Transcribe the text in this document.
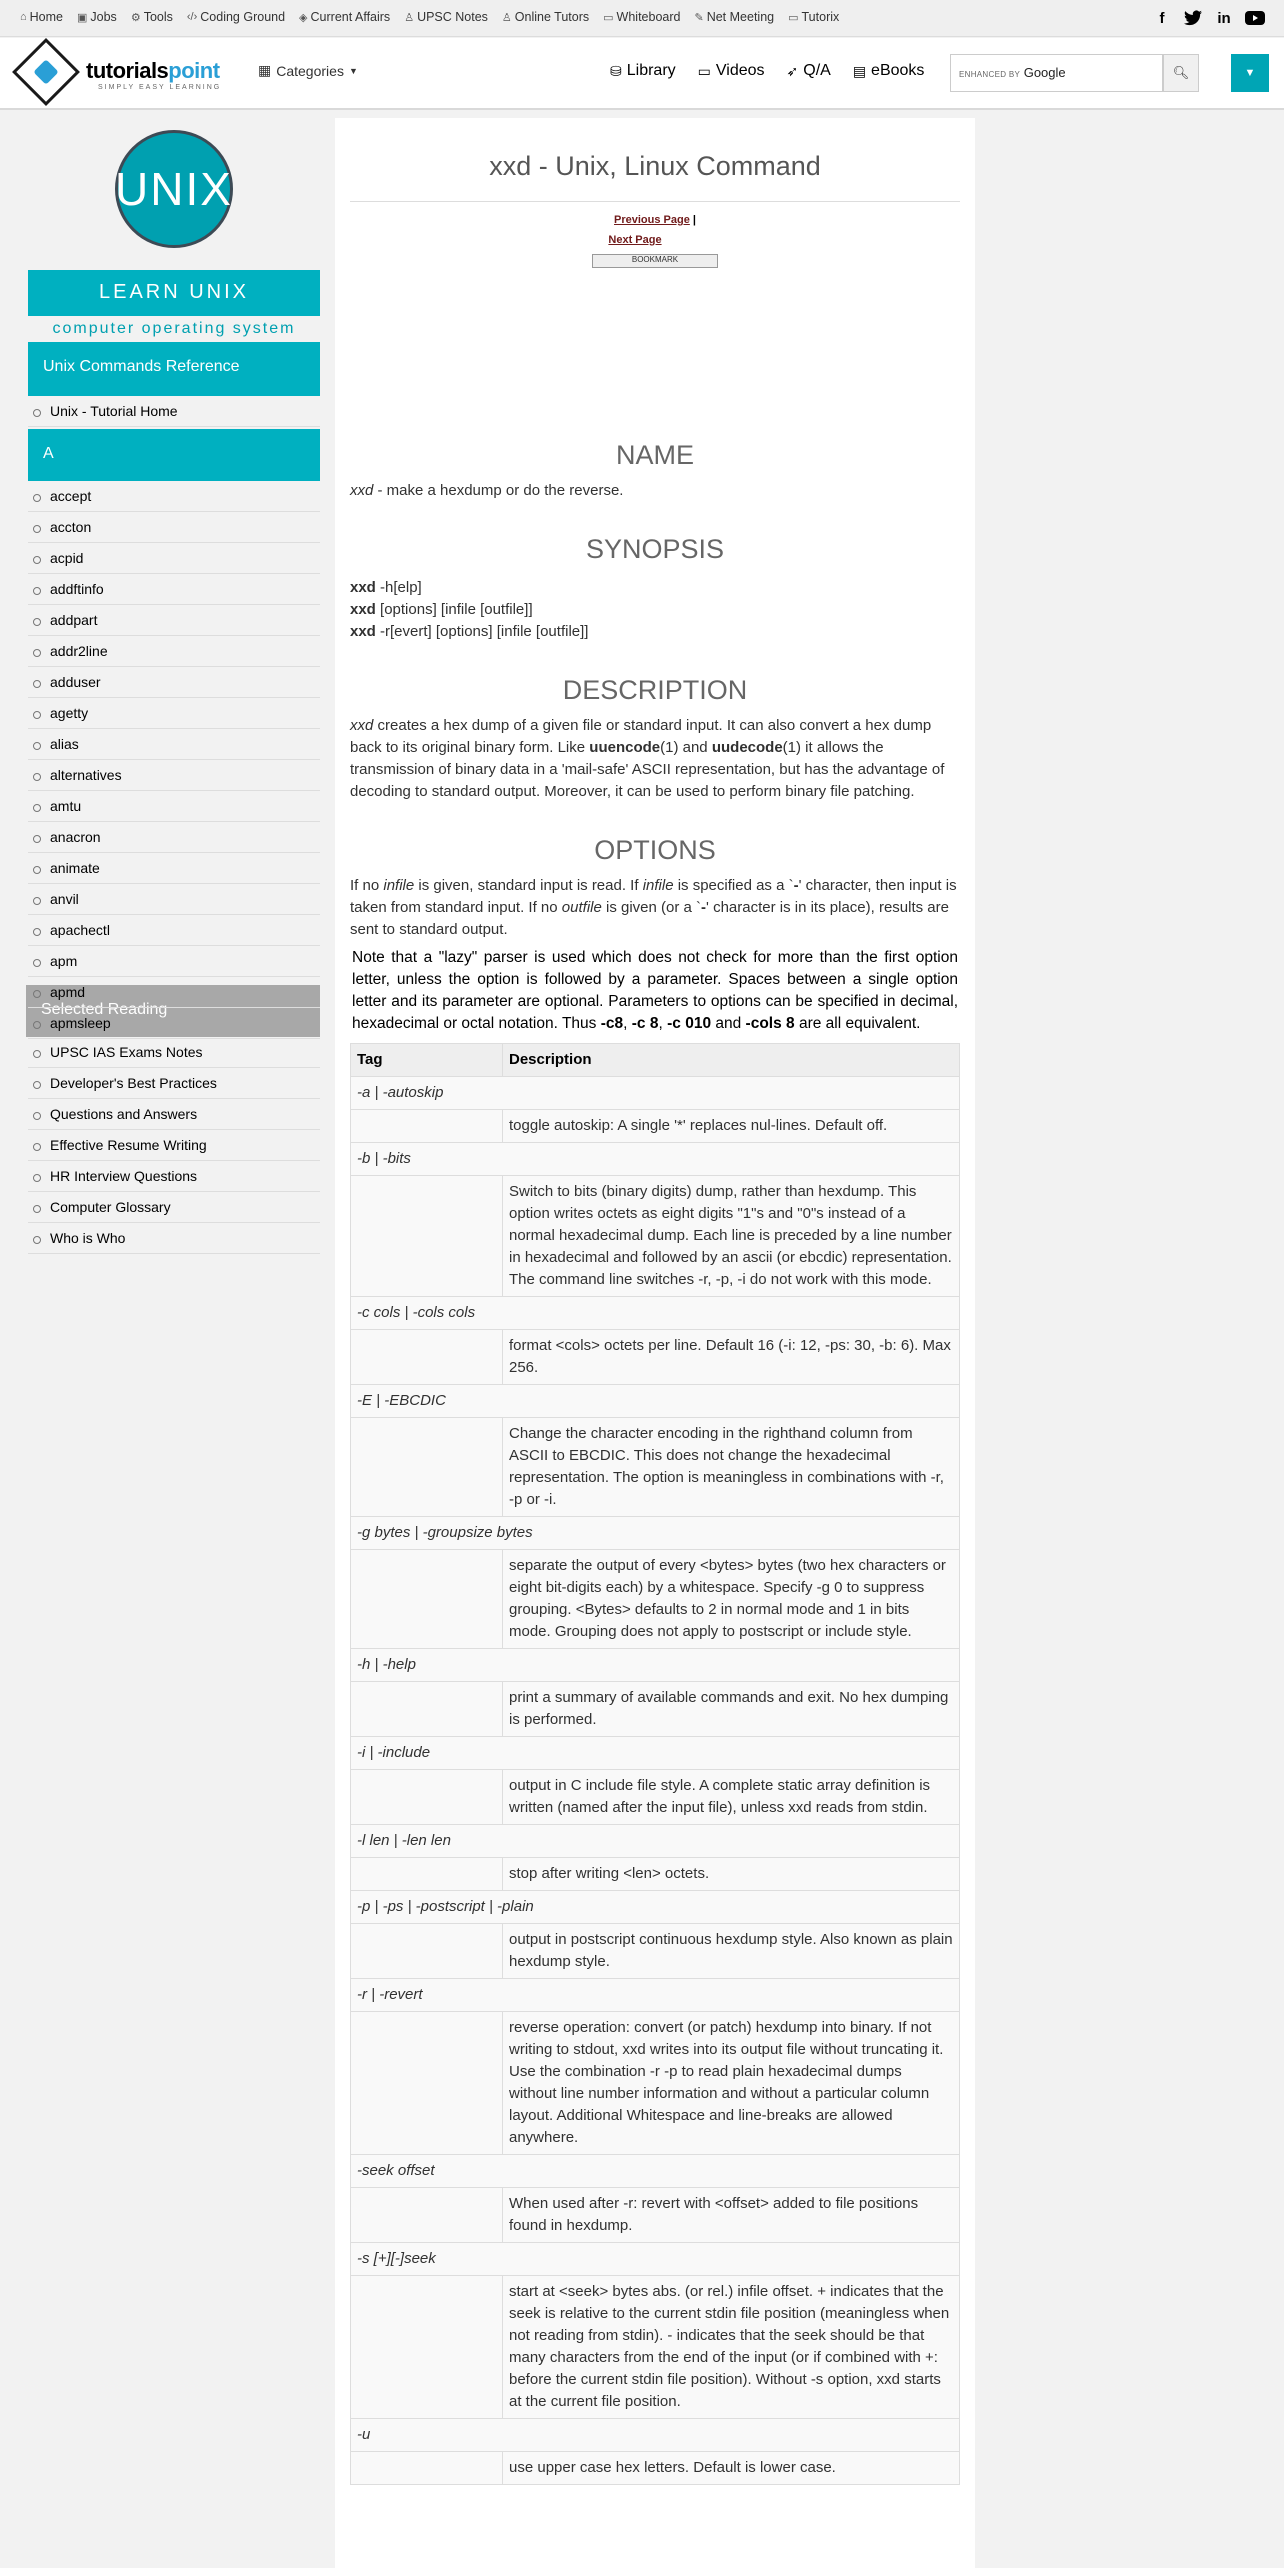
⌂ Home ▣ Jobs ⚙ Tools ‹/› Coding Ground ◈ Current Affairs ♙ UPSC Notes ♙ Online Tutors ▭ Whiteboard ✎ Net Meeting ▭ Tutorix	f	in
tutorialspoint
SIMPLY EASY LEARNING
▦ Categories ▼	⛁ Library ▭ Videos ➶ Q/A ▤ eBooks	ENHANCED BY Google	🔍︎	▼
UNIX
LEARN UNIX
computer operating system
Unix Commands Reference
Unix - Tutorial Home
A
accept
accton
acpid
addftinfo
addpart
addr2line
adduser
agetty
alias
alternatives
amtu
anacron
animate
anvil
apachectl
apm
apmd
apmsleep
Selected Reading
UPSC IAS Exams Notes
Developer's Best Practices
Questions and Answers
Effective Resume Writing
HR Interview Questions
Computer Glossary
Who is Who
xxd - Unix, Linux Command
Previous Page |
Next Page
BOOKMARK
NAME

xxd - make a hexdump or do the reverse.

SYNOPSIS
xxd -h[elp]
xxd [options] [infile [outfile]]
xxd -r[evert] [options] [infile [outfile]]
DESCRIPTION

xxd creates a hex dump of a given file or standard input. It can also convert a hex dump back to its original binary form. Like uuencode(1) and uudecode(1) it allows the transmission of binary data in a 'mail-safe' ASCII representation, but has the advantage of decoding to standard output. Moreover, it can be used to perform binary file patching.

OPTIONS

If no infile is given, standard input is read. If infile is specified as a `-' character, then input is taken from standard input. If no outfile is given (or a `-' character is in its place), results are sent to standard output.

Note that a "lazy" parser is used which does not check for more than the first option letter, unless the option is followed by a parameter. Spaces between a single option letter and its parameter are optional. Parameters to options can be specified in decimal, hexadecimal or octal notation. Thus -c8, -c 8, -c 010 and -cols 8 are all equivalent.
Tag	Description
-a | -autoskip	
	toggle autoskip: A single '*' replaces nul-lines. Default off.
-b | -bits	
	Switch to bits (binary digits) dump, rather than hexdump. This option writes octets as eight digits "1"s and "0"s instead of a normal hexadecimal dump. Each line is preceded by a line number in hexadecimal and followed by an ascii (or ebcdic) representation. The command line switches -r, -p, -i do not work with this mode.
-c cols | -cols cols	
	format <cols> octets per line. Default 16 (-i: 12, -ps: 30, -b: 6). Max 256.
-E | -EBCDIC	
	Change the character encoding in the righthand column from ASCII to EBCDIC. This does not change the hexadecimal representation. The option is meaningless in combinations with -r, -p or -i.
-g bytes | -groupsize bytes	
	separate the output of every <bytes> bytes (two hex characters or eight bit-digits each) by a whitespace. Specify -g 0 to suppress grouping. <Bytes> defaults to 2 in normal mode and 1 in bits mode. Grouping does not apply to postscript or include style.
-h | -help	
	print a summary of available commands and exit. No hex dumping is performed.
-i | -include	
	output in C include file style. A complete static array definition is written (named after the input file), unless xxd reads from stdin.
-l len | -len len	
	stop after writing <len> octets.
-p | -ps | -postscript | -plain	
	output in postscript continuous hexdump style. Also known as plain hexdump style.
-r | -revert	
	reverse operation: convert (or patch) hexdump into binary. If not writing to stdout, xxd writes into its output file without truncating it. Use the combination -r -p to read plain hexadecimal dumps without line number information and without a particular column layout. Additional Whitespace and line-breaks are allowed anywhere.
-seek offset	
	When used after -r: revert with <offset> added to file positions found in hexdump.
-s [+][-]seek	
	start at <seek> bytes abs. (or rel.) infile offset. + indicates that the seek is relative to the current stdin file position (meaningless when not reading from stdin). - indicates that the seek should be that many characters from the end of the input (or if combined with +: before the current stdin file position). Without -s option, xxd starts at the current file position.
-u	
	use upper case hex letters. Default is lower case.
